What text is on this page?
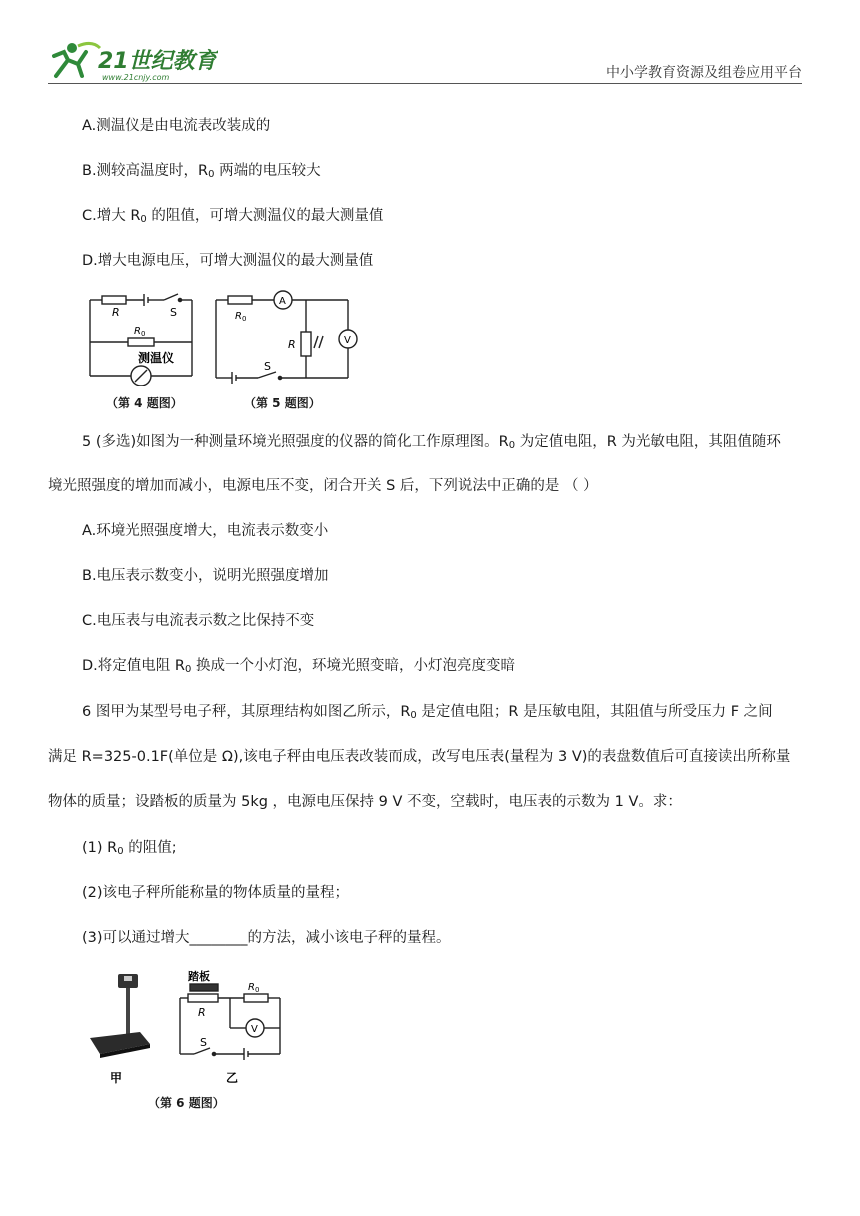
21世纪教育
www.21cnjy.com	中小学教育资源及组卷应用平台
A.测温仪是由电流表改装成的
B.测较高温度时，$R_0$ 两端的电压较大
C.增大 $R_0$ 的阻值，可增大测温仪的最大测量值
D.增大电源电压，可增大测温仪的最大测量值
R	S
R 0
测温仪
（第 4 题图）
R 0
A
R	V
S
（第 5 题图）
5 (多选)如图为一种测量环境光照强度的仪器的简化工作原理图。$R_0$ 为定值电阻，R 为光敏电阻，其阻值随环
境光照强度的增加而减小，电源电压不变，闭合开关 S 后，下列说法中正确的是 （ ）
A.环境光照强度增大，电流表示数变小
B.电压表示数变小，说明光照强度增加
C.电压表与电流表示数之比保持不变
D.将定值电阻 $R_0$ 换成一个小灯泡，环境光照变暗，小灯泡亮度变暗
6 图甲为某型号电子秤，其原理结构如图乙所示，$R_0$ 是定值电阻；R 是压敏电阻，其阻值与所受压力 F 之间
满足 R=325-0.1F(单位是 Ω),该电子秤由电压表改装而成，改写电压表(量程为 3 V)的表盘数值后可直接读出所称量
物体的质量；设踏板的质量为 5kg ，电源电压保持 9 V 不变，空载时，电压表的示数为 1 V。求：
(1) $R_0$ 的阻值;
(2)该电子秤所能称量的物体质量的量程；
(3)可以通过增大________的方法，减小该电子秤的量程。
踏板
R 0
R
V
S
甲	乙
（第 6 题图）
